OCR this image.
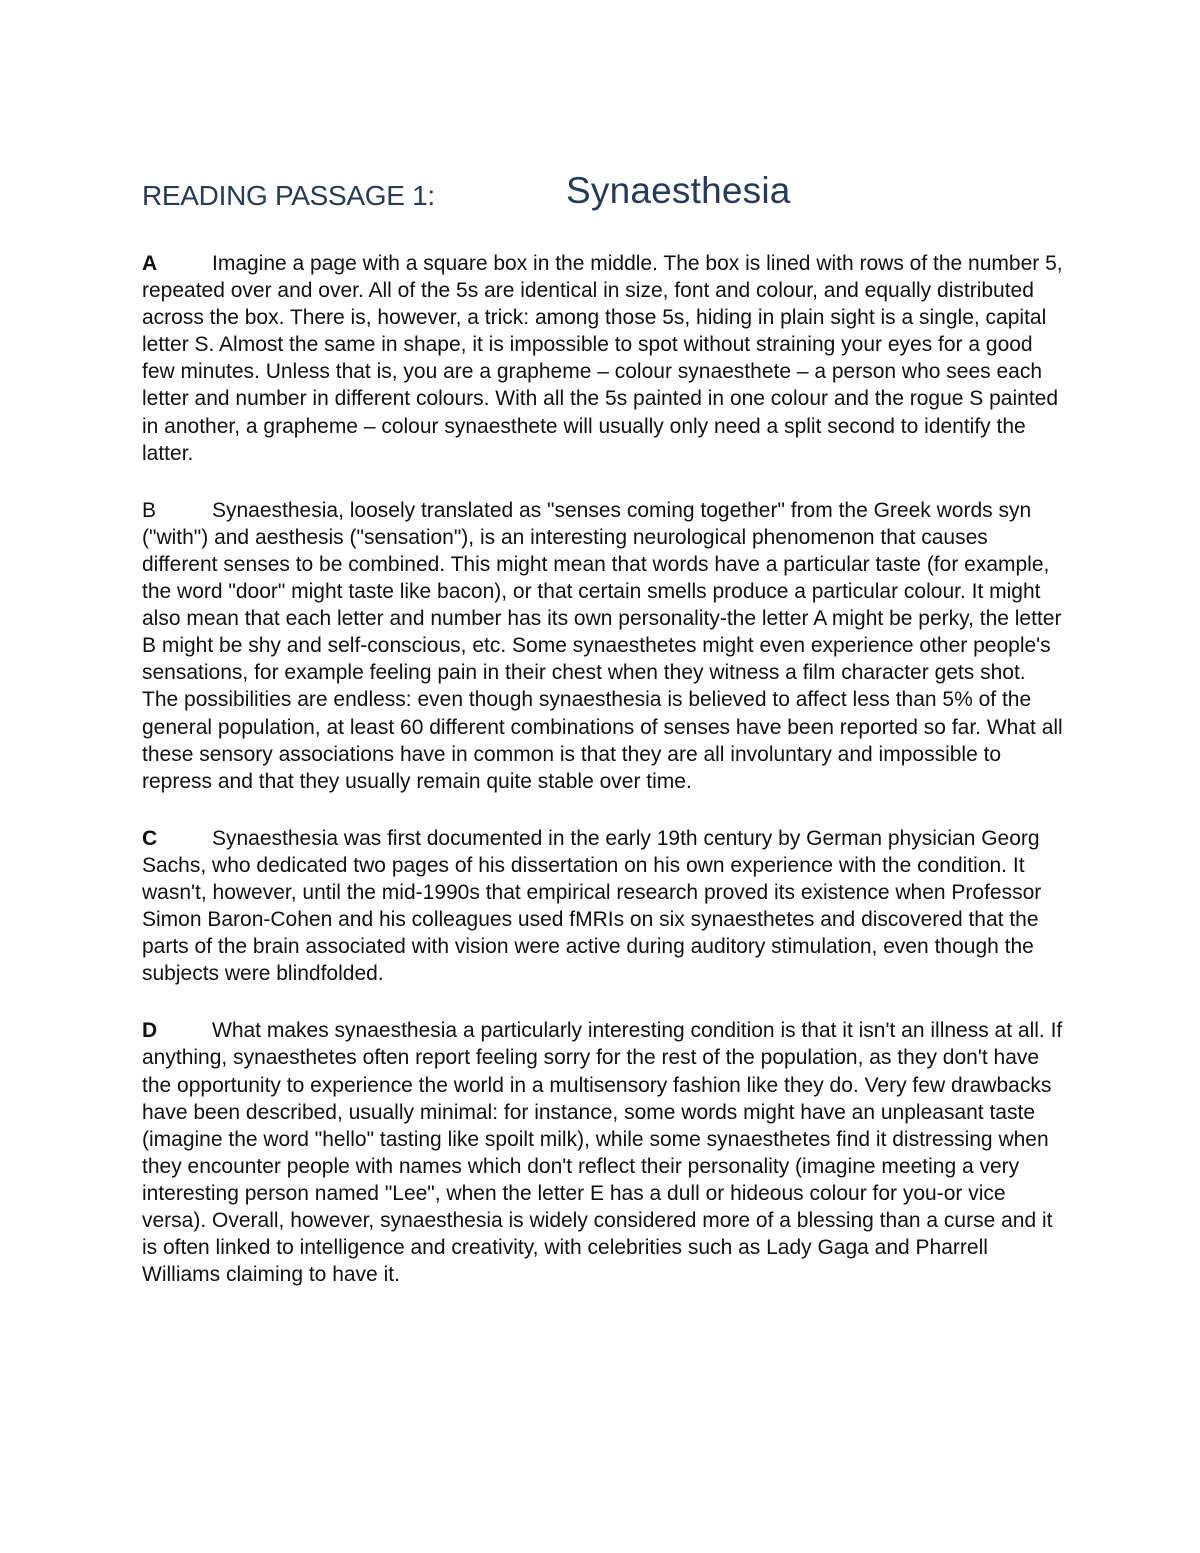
READING PASSAGE 1:	Synaesthesia

A	Imagine a page with a square box in the middle. The box is lined with rows of the number 5, repeated over and over. All of the 5s are identical in size, font and colour, and equally distributed across the box. There is, however, a trick: among those 5s, hiding in plain sight is a single, capital letter S. Almost the same in shape, it is impossible to spot without straining your eyes for a good few minutes. Unless that is, you are a grapheme – colour synaesthete – a person who sees each letter and number in different colours. With all the 5s painted in one colour and the rogue S painted in another, a grapheme – colour synaesthete will usually only need a split second to identify the latter.

B	Synaesthesia, loosely translated as "senses coming together" from the Greek words syn ("with") and aesthesis ("sensation"), is an interesting neurological phenomenon that causes different senses to be combined. This might mean that words have a particular taste (for example, the word "door" might taste like bacon), or that certain smells produce a particular colour. It might also mean that each letter and number has its own personality-the letter A might be perky, the letter B might be shy and self-conscious, etc. Some synaesthetes might even experience other people's sensations, for example feeling pain in their chest when they witness a film character gets shot. The possibilities are endless: even though synaesthesia is believed to affect less than 5% of the general population, at least 60 different combinations of senses have been reported so far. What all these sensory associations have in common is that they are all involuntary and impossible to repress and that they usually remain quite stable over time.

C	Synaesthesia was first documented in the early 19th century by German physician Georg Sachs, who dedicated two pages of his dissertation on his own experience with the condition. It wasn't, however, until the mid-1990s that empirical research proved its existence when Professor Simon Baron-Cohen and his colleagues used fMRIs on six synaesthetes and discovered that the parts of the brain associated with vision were active during auditory stimulation, even though the subjects were blindfolded.

D	What makes synaesthesia a particularly interesting condition is that it isn't an illness at all. If anything, synaesthetes often report feeling sorry for the rest of the population, as they don't have the opportunity to experience the world in a multisensory fashion like they do. Very few drawbacks have been described, usually minimal: for instance, some words might have an unpleasant taste (imagine the word "hello" tasting like spoilt milk), while some synaesthetes find it distressing when they encounter people with names which don't reflect their personality (imagine meeting a very interesting person named "Lee", when the letter E has a dull or hideous colour for you-or vice versa). Overall, however, synaesthesia is widely considered more of a blessing than a curse and it is often linked to intelligence and creativity, with celebrities such as Lady Gaga and Pharrell Williams claiming to have it.
